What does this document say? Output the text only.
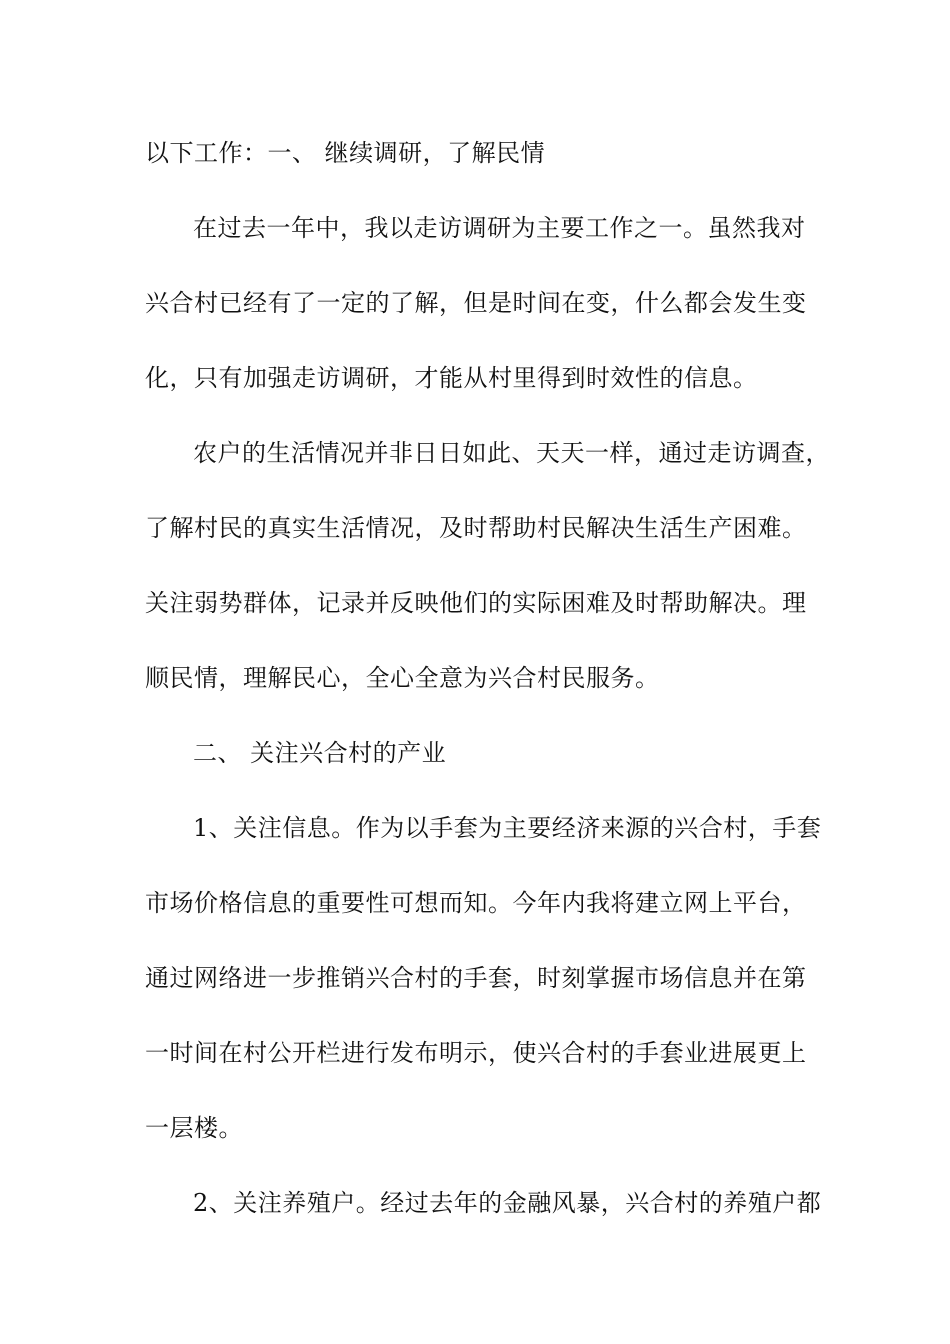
以下工作：一、 继续调研，了解民情
在过去一年中，我以走访调研为主要工作之一。虽然我对
兴合村已经有了一定的了解，但是时间在变，什么都会发生变
化，只有加强走访调研，才能从村里得到时效性的信息。
农户的生活情况并非日日如此、天天一样，通过走访调查，
了解村民的真实生活情况，及时帮助村民解决生活生产困难。
关注弱势群体，记录并反映他们的实际困难及时帮助解决。理
顺民情，理解民心，全心全意为兴合村民服务。
二、 关注兴合村的产业
1、关注信息。作为以手套为主要经济来源的兴合村，手套
市场价格信息的重要性可想而知。今年内我将建立网上平台，
通过网络进一步推销兴合村的手套，时刻掌握市场信息并在第
一时间在村公开栏进行发布明示，使兴合村的手套业进展更上
一层楼。
2、关注养殖户。经过去年的金融风暴，兴合村的养殖户都
